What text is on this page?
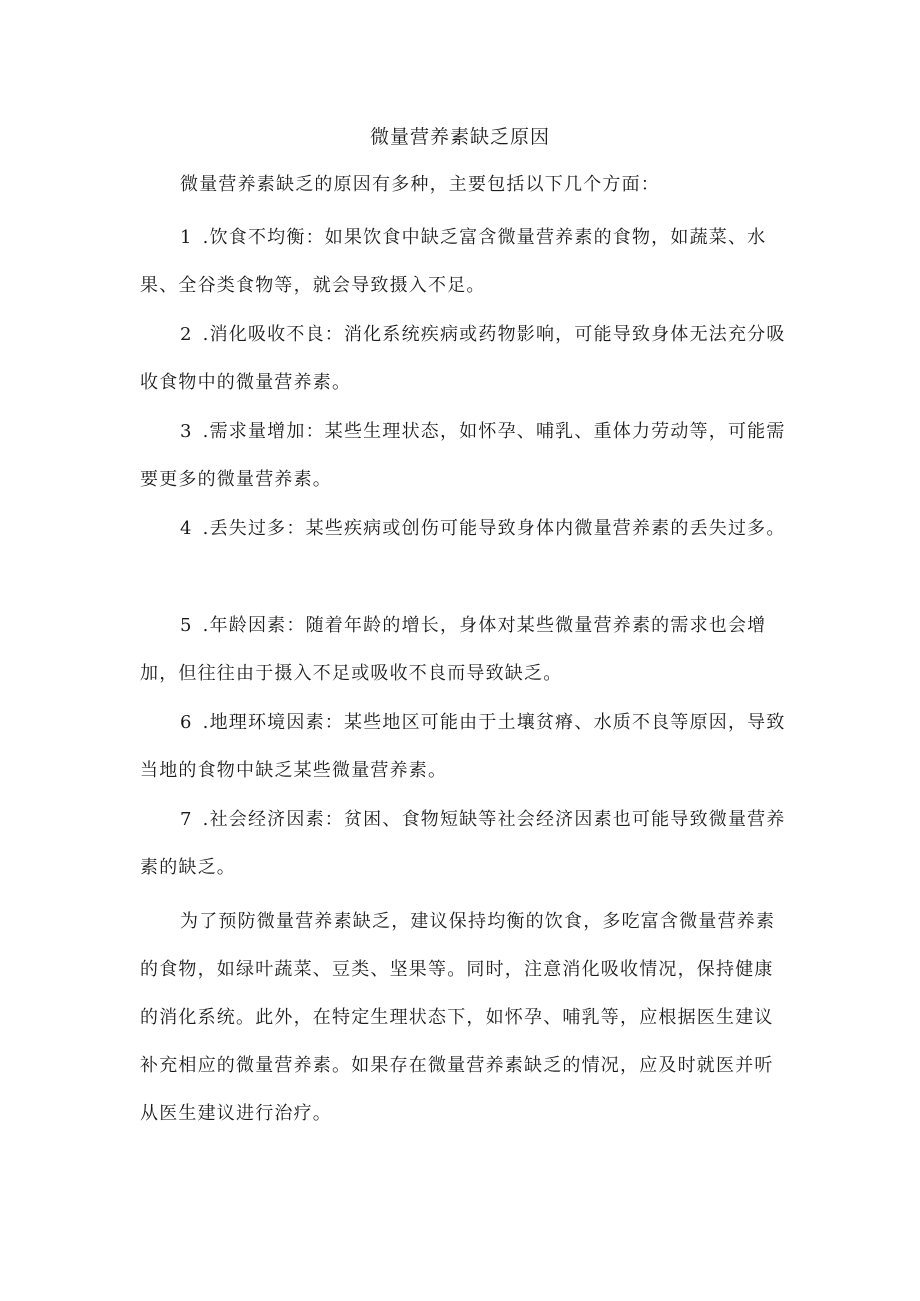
微量营养素缺乏原因
微量营养素缺乏的原因有多种，主要包括以下几个方面：
1 .饮食不均衡：如果饮食中缺乏富含微量营养素的食物，如蔬菜、水果、全谷类食物等，就会导致摄入不足。
2 .消化吸收不良：消化系统疾病或药物影响，可能导致身体无法充分吸收食物中的微量营养素。
3 .需求量增加：某些生理状态，如怀孕、哺乳、重体力劳动等，可能需要更多的微量营养素。
4 .丢失过多：某些疾病或创伤可能导致身体内微量营养素的丢失过多。
5 .年龄因素：随着年龄的增长，身体对某些微量营养素的需求也会增加，但往往由于摄入不足或吸收不良而导致缺乏。
6 .地理环境因素：某些地区可能由于土壤贫瘠、水质不良等原因，导致当地的食物中缺乏某些微量营养素。
7 .社会经济因素：贫困、食物短缺等社会经济因素也可能导致微量营养素的缺乏。
为了预防微量营养素缺乏，建议保持均衡的饮食，多吃富含微量营养素的食物，如绿叶蔬菜、豆类、坚果等。同时，注意消化吸收情况，保持健康的消化系统。此外，在特定生理状态下，如怀孕、哺乳等，应根据医生建议补充相应的微量营养素。如果存在微量营养素缺乏的情况，应及时就医并听从医生建议进行治疗。
